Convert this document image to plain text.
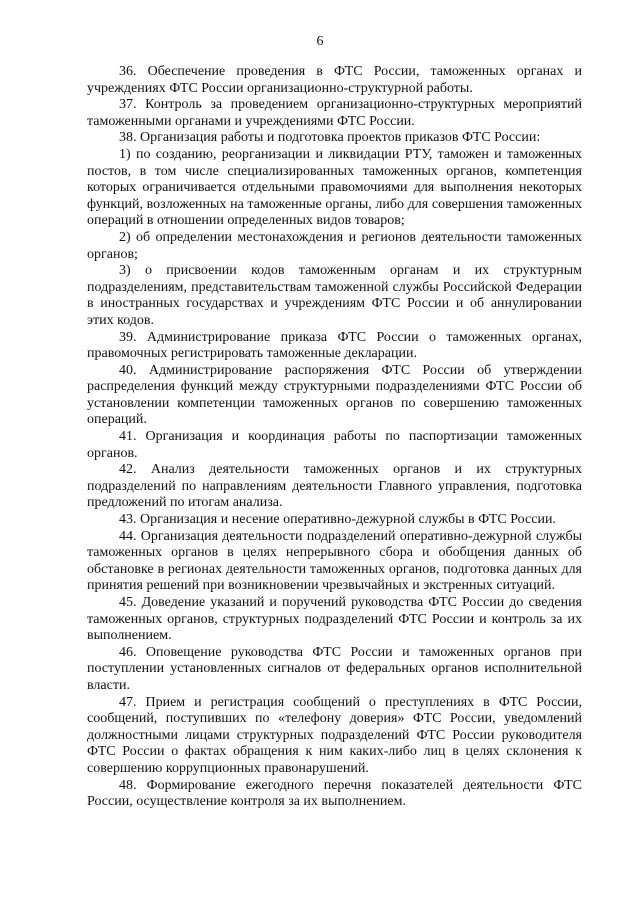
6

36. Обеспечение проведения в ФТС России, таможенных органах и учреждениях ФТС России организационно-структурной работы.

37. Контроль за проведением организационно-структурных мероприятий таможенными органами и учреждениями ФТС России.

38. Организация работы и подготовка проектов приказов ФТС России:

1) по созданию, реорганизации и ликвидации РТУ, таможен и таможенных постов, в том числе специализированных таможенных органов, компетенция которых ограничивается отдельными правомочиями для выполнения некоторых функций, возложенных на таможенные органы, либо для совершения таможенных операций в отношении определенных видов товаров;

2) об определении местонахождения и регионов деятельности таможенных органов;

3) о присвоении кодов таможенным органам и их структурным подразделениям, представительствам таможенной службы Российской Федерации в иностранных государствах и учреждениям ФТС России и об аннулировании этих кодов.

39. Администрирование приказа ФТС России о таможенных органах, правомочных регистрировать таможенные декларации.

40. Администрирование распоряжения ФТС России об утверждении распределения функций между структурными подразделениями ФТС России об установлении компетенции таможенных органов по совершению таможенных операций.

41. Организация и координация работы по паспортизации таможенных органов.

42. Анализ деятельности таможенных органов и их структурных подразделений по направлениям деятельности Главного управления, подготовка предложений по итогам анализа.

43. Организация и несение оперативно-дежурной службы в ФТС России.

44. Организация деятельности подразделений оперативно-дежурной службы таможенных органов в целях непрерывного сбора и обобщения данных об обстановке в регионах деятельности таможенных органов, подготовка данных для принятия решений при возникновении чрезвычайных и экстренных ситуаций.

45. Доведение указаний и поручений руководства ФТС России до сведения таможенных органов, структурных подразделений ФТС России и контроль за их выполнением.

46. Оповещение руководства ФТС России и таможенных органов при поступлении установленных сигналов от федеральных органов исполнительной власти.

47. Прием и регистрация сообщений о преступлениях в ФТС России, сообщений, поступивших по «телефону доверия» ФТС России, уведомлений должностными лицами структурных подразделений ФТС России руководителя ФТС России о фактах обращения к ним каких-либо лиц в целях склонения к совершению коррупционных правонарушений.

48. Формирование ежегодного перечня показателей деятельности ФТС России, осуществление контроля за их выполнением.
